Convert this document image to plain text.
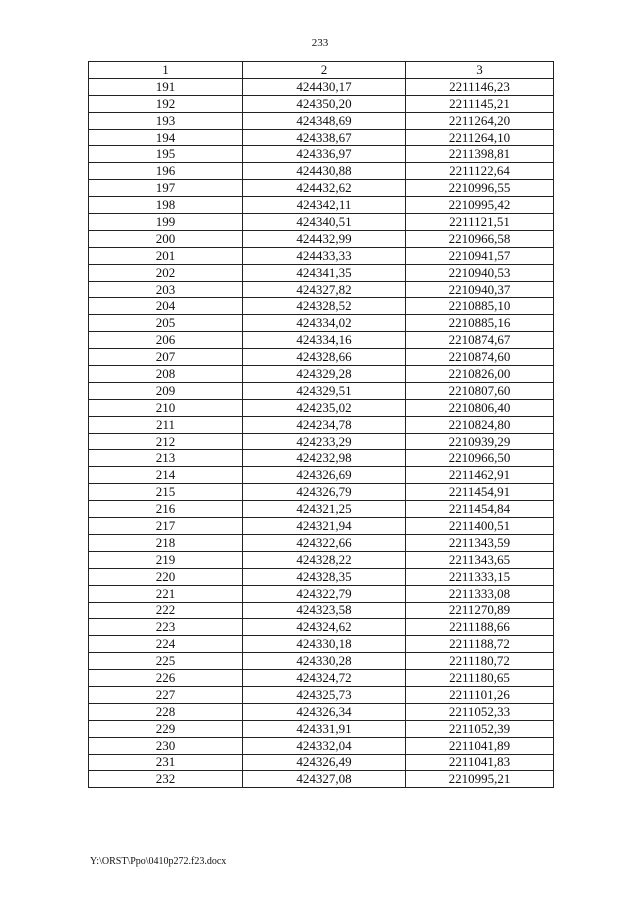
233
1	2	3
191	424430,17	2211146,23
192	424350,20	2211145,21
193	424348,69	2211264,20
194	424338,67	2211264,10
195	424336,97	2211398,81
196	424430,88	2211122,64
197	424432,62	2210996,55
198	424342,11	2210995,42
199	424340,51	2211121,51
200	424432,99	2210966,58
201	424433,33	2210941,57
202	424341,35	2210940,53
203	424327,82	2210940,37
204	424328,52	2210885,10
205	424334,02	2210885,16
206	424334,16	2210874,67
207	424328,66	2210874,60
208	424329,28	2210826,00
209	424329,51	2210807,60
210	424235,02	2210806,40
211	424234,78	2210824,80
212	424233,29	2210939,29
213	424232,98	2210966,50
214	424326,69	2211462,91
215	424326,79	2211454,91
216	424321,25	2211454,84
217	424321,94	2211400,51
218	424322,66	2211343,59
219	424328,22	2211343,65
220	424328,35	2211333,15
221	424322,79	2211333,08
222	424323,58	2211270,89
223	424324,62	2211188,66
224	424330,18	2211188,72
225	424330,28	2211180,72
226	424324,72	2211180,65
227	424325,73	2211101,26
228	424326,34	2211052,33
229	424331,91	2211052,39
230	424332,04	2211041,89
231	424326,49	2211041,83
232	424327,08	2210995,21
Y:\ORST\Ppo\0410p272.f23.docx
